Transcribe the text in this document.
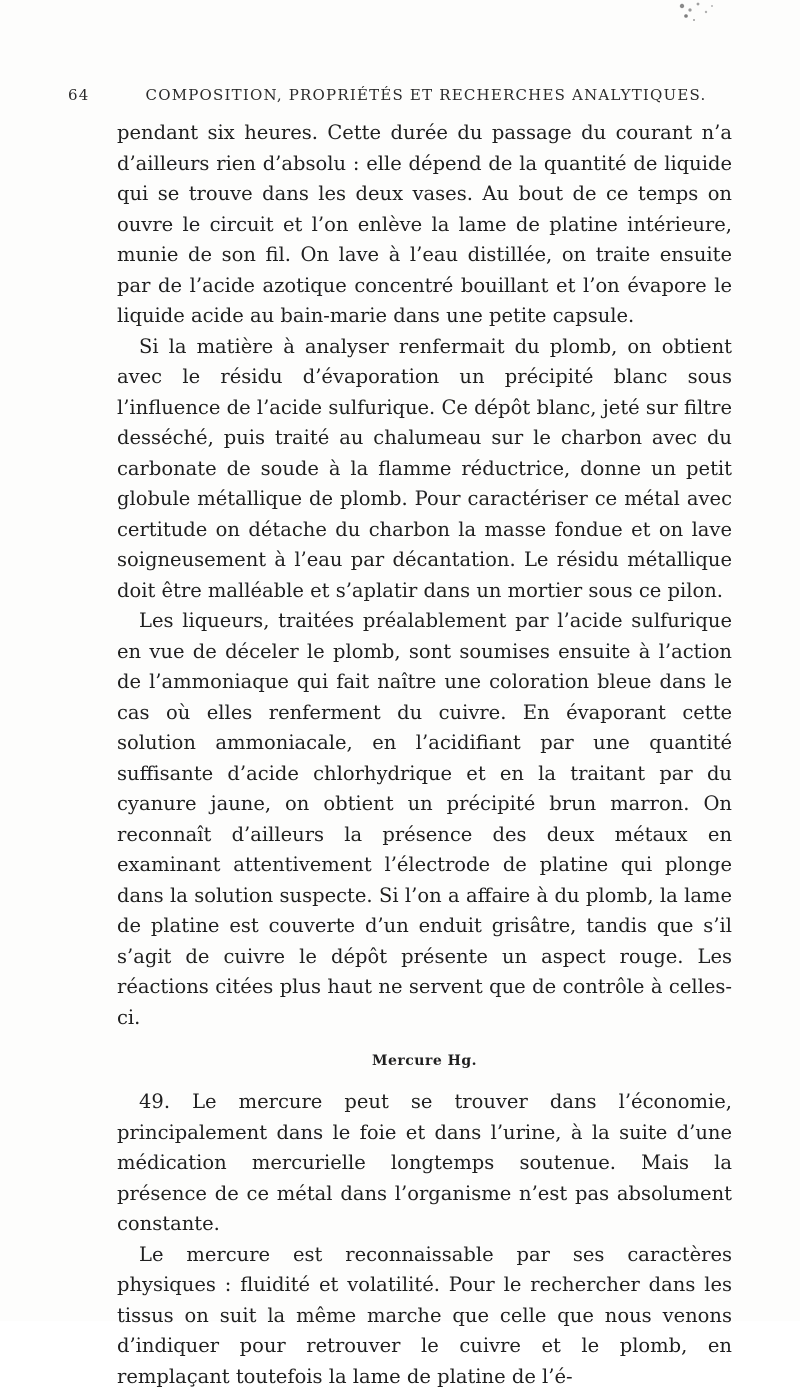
64	COMPOSITION, PROPRIÉTÉS ET RECHERCHES ANALYTIQUES.

pendant six heures. Cette durée du passage du courant n’a d’ailleurs rien d’absolu : elle dépend de la quantité de liquide qui se trouve dans les deux vases. Au bout de ce temps on ouvre le circuit et l’on enlève la lame de platine intérieure, munie de son fil. On lave à l’eau distillée, on traite ensuite par de l’acide azotique concentré bouillant et l’on évapore le liquide acide au bain-marie dans une petite capsule.

Si la matière à analyser renfermait du plomb, on obtient avec le résidu d’évaporation un précipité blanc sous l’influence de l’acide sulfurique. Ce dépôt blanc, jeté sur filtre desséché, puis traité au chalumeau sur le charbon avec du carbonate de soude à la flamme réductrice, donne un petit globule métallique de plomb. Pour caractériser ce métal avec certitude on détache du charbon la masse fondue et on lave soigneusement à l’eau par décantation. Le résidu métallique doit être malléable et s’aplatir dans un mortier sous ce pilon.

Les liqueurs, traitées préalablement par l’acide sulfurique en vue de déceler le plomb, sont soumises ensuite à l’action de l’ammoniaque qui fait naître une coloration bleue dans le cas où elles renferment du cuivre. En évaporant cette solution ammoniacale, en l’acidifiant par une quantité suffisante d’acide chlorhydrique et en la traitant par du cyanure jaune, on obtient un précipité brun marron. On reconnaît d’ailleurs la présence des deux métaux en examinant attentivement l’électrode de platine qui plonge dans la solution suspecte. Si l’on a affaire à du plomb, la lame de platine est couverte d’un enduit grisâtre, tandis que s’il s’agit de cuivre le dépôt présente un aspect rouge. Les réactions citées plus haut ne servent que de contrôle à celles-ci.

Mercure Hg.

49. Le mercure peut se trouver dans l’économie, principalement dans le foie et dans l’urine, à la suite d’une médication mercurielle longtemps soutenue. Mais la présence de ce métal dans l’organisme n’est pas absolument constante.

Le mercure est reconnaissable par ses caractères physiques : fluidité et volatilité. Pour le rechercher dans les tissus on suit la même marche que celle que nous venons d’indiquer pour retrouver le cuivre et le plomb, en remplaçant toutefois la lame de platine de l’é-
